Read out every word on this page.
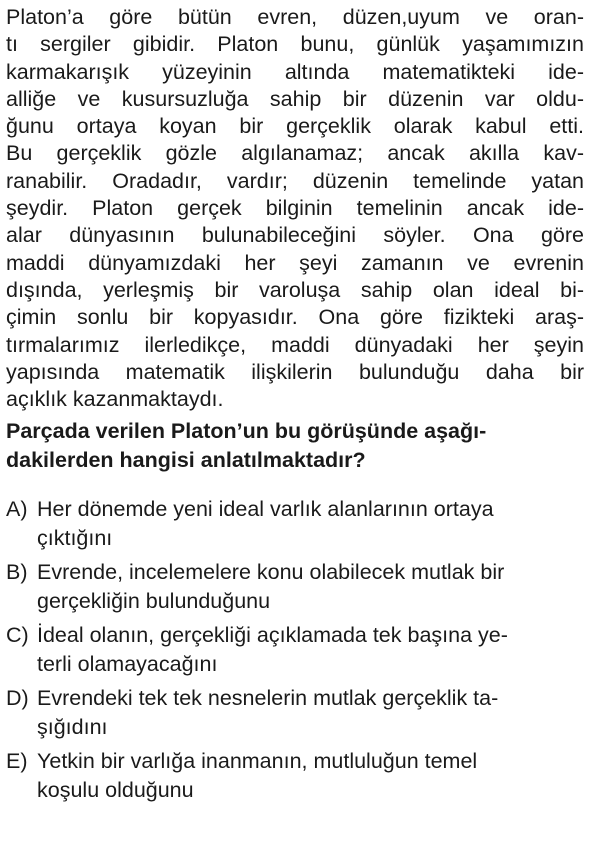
Platon’a göre bütün evren, düzen,uyum ve oran-
tı sergiler gibidir. Platon bunu, günlük yaşamımızın
karmakarışık yüzeyinin altında matematikteki ide-
alliğe ve kusursuzluğa sahip bir düzenin var oldu-
ğunu ortaya koyan bir gerçeklik olarak kabul etti.
Bu gerçeklik gözle algılanamaz; ancak akılla kav-
ranabilir. Oradadır, vardır; düzenin temelinde yatan
şeydir. Platon gerçek bilginin temelinin ancak ide-
alar dünyasının bulunabileceğini söyler. Ona göre
maddi dünyamızdaki her şeyi zamanın ve evrenin
dışında, yerleşmiş bir varoluşa sahip olan ideal bi-
çimin sonlu bir kopyasıdır. Ona göre fizikteki araş-
tırmalarımız ilerledikçe, maddi dünyadaki her şeyin
yapısında matematik ilişkilerin bulunduğu daha bir
açıklık kazanmaktaydı.
Parçada verilen Platon’un bu görüşünde aşağı-
dakilerden hangisi anlatılmaktadır?
A) Her dönemde yeni ideal varlık alanlarının ortaya
çıktığını
B) Evrende, incelemelere konu olabilecek mutlak bir
gerçekliğin bulunduğunu
C) İdeal olanın, gerçekliği açıklamada tek başına ye-
terli olamayacağını
D) Evrendeki tek tek nesnelerin mutlak gerçeklik ta-
şığıdını
E) Yetkin bir varlığa inanmanın, mutluluğun temel
koşulu olduğunu
